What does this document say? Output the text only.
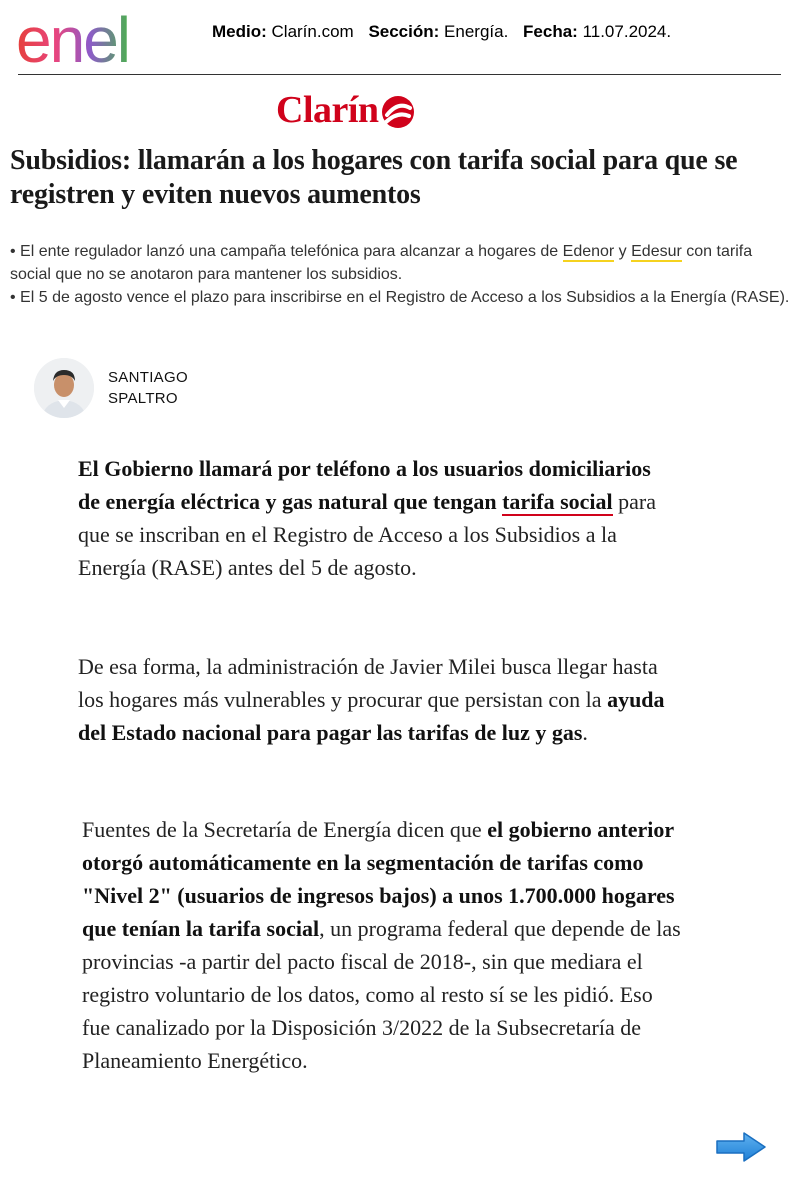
enel	Medio: Clarín.com Sección: Energía. Fecha: 11.07.2024.
Clarín
Subsidios: llamarán a los hogares con tarifa social para que se registren y eviten nuevos aumentos

• El ente regulador lanzó una campaña telefónica para alcanzar a hogares de Edenor y Edesur con tarifa social que no se anotaron para mantener los subsidios.

• El 5 de agosto vence el plazo para inscribirse en el Registro de Acceso a los Subsidios a la Energía (RASE).

SANTIAGO SPALTRO

El Gobierno llamará por teléfono a los usuarios domiciliarios de energía eléctrica y gas natural que tengan tarifa social para que se inscriban en el Registro de Acceso a los Subsidios a la Energía (RASE) antes del 5 de agosto.

De esa forma, la administración de Javier Milei busca llegar hasta los hogares más vulnerables y procurar que persistan con la ayuda del Estado nacional para pagar las tarifas de luz y gas.

Fuentes de la Secretaría de Energía dicen que el gobierno anterior otorgó automáticamente en la segmentación de tarifas como "Nivel 2" (usuarios de ingresos bajos) a unos 1.700.000 hogares que tenían la tarifa social, un programa federal que depende de las provincias -a partir del pacto fiscal de 2018-, sin que mediara el registro voluntario de los datos, como al resto sí se les pidió. Eso fue canalizado por la Disposición 3/2022 de la Subsecretaría de Planeamiento Energético.
